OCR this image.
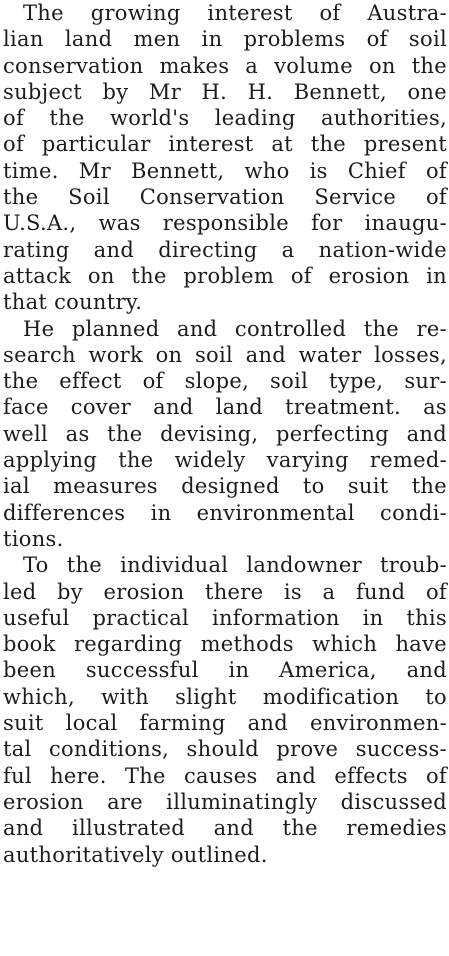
The growing interest of Austra-
lian land men in problems of soil
conservation makes a volume on the
subject by Mr H. H. Bennett, one
of the world's leading authorities,
of particular interest at the present
time. Mr Bennett, who is Chief of
the Soil Conservation Service of
U.S.A., was responsible for inaugu-
rating and directing a nation-wide
attack on the problem of erosion in
that country.

He planned and controlled the re-
search work on soil and water losses,
the effect of slope, soil type, sur-
face cover and land treatment. as
well as the devising, perfecting and
applying the widely varying remed-
ial measures designed to suit the
differences in environmental condi-
tions.

To the individual landowner troub-
led by erosion there is a fund of
useful practical information in this
book regarding methods which have
been successful in America, and
which, with slight modification to
suit local farming and environmen-
tal conditions, should prove success-
ful here. The causes and effects of
erosion are illuminatingly discussed
and illustrated and the remedies
authoritatively outlined.
